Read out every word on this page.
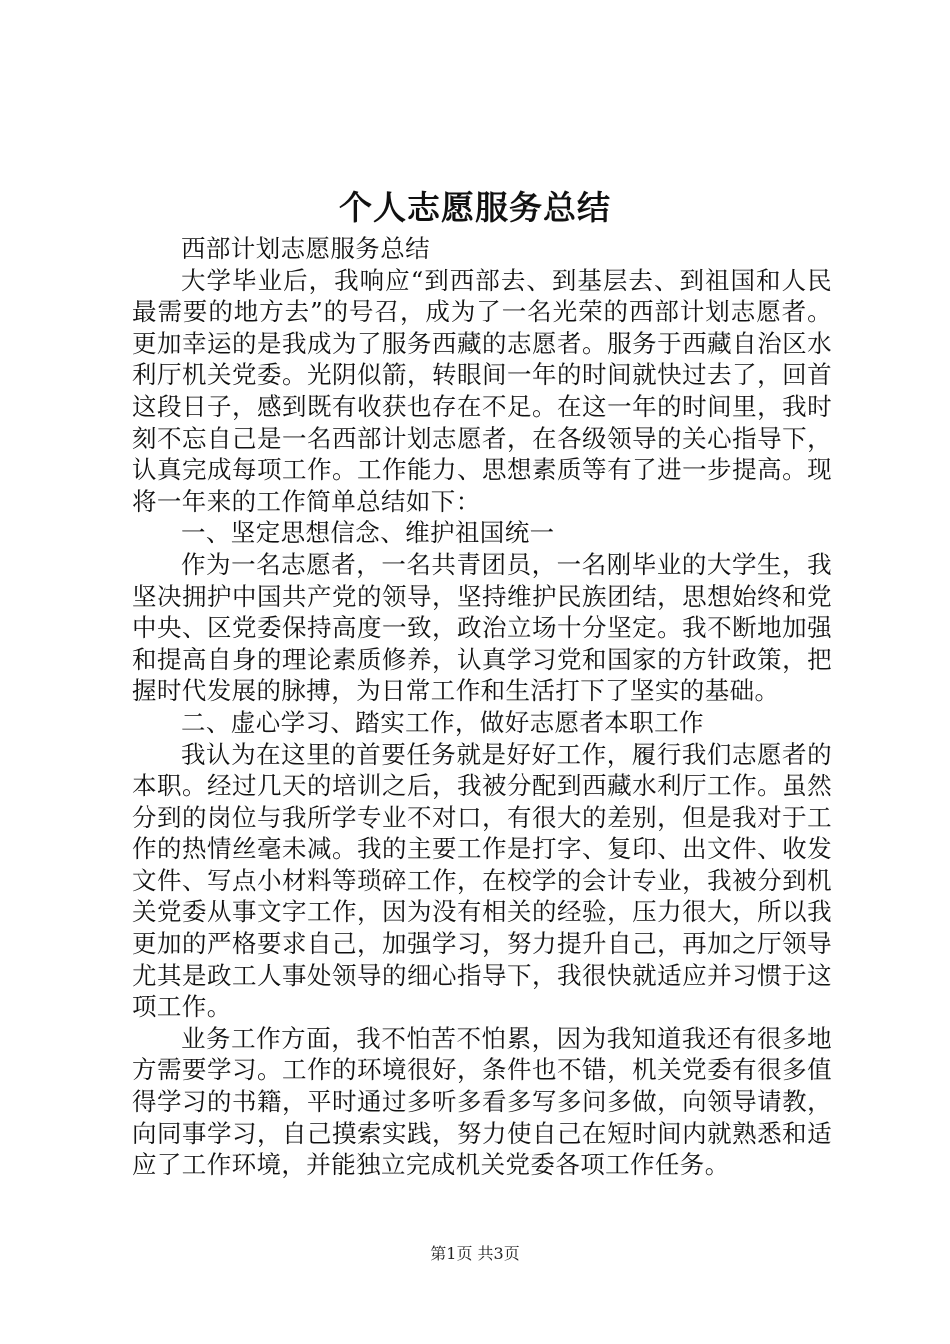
个人志愿服务总结

西部计划志愿服务总结

大学毕业后，我响应“到西部去、到基层去、到祖国和人民最需要的地方去”的号召，成为了一名光荣的西部计划志愿者。更加幸运的是我成为了服务西藏的志愿者。服务于西藏自治区水利厅机关党委。光阴似箭，转眼间一年的时间就快过去了，回首这段日子，感到既有收获也存在不足。在这一年的时间里，我时刻不忘自己是一名西部计划志愿者，在各级领导的关心指导下，认真完成每项工作。工作能力、思想素质等有了进一步提高。现将一年来的工作简单总结如下：

一、坚定思想信念、维护祖国统一

作为一名志愿者，一名共青团员，一名刚毕业的大学生，我坚决拥护中国共产党的领导，坚持维护民族团结，思想始终和党中央、区党委保持高度一致，政治立场十分坚定。我不断地加强和提高自身的理论素质修养，认真学习党和国家的方针政策，把握时代发展的脉搏，为日常工作和生活打下了坚实的基础。

二、虚心学习、踏实工作，做好志愿者本职工作

我认为在这里的首要任务就是好好工作，履行我们志愿者的本职。经过几天的培训之后，我被分配到西藏水利厅工作。虽然分到的岗位与我所学专业不对口，有很大的差别，但是我对于工作的热情丝毫未减。我的主要工作是打字、复印、出文件、收发文件、写点小材料等琐碎工作，在校学的会计专业，我被分到机关党委从事文字工作，因为没有相关的经验，压力很大，所以我更加的严格要求自己，加强学习，努力提升自己，再加之厅领导尤其是政工人事处领导的细心指导下，我很快就适应并习惯于这项工作。

业务工作方面，我不怕苦不怕累，因为我知道我还有很多地方需要学习。工作的环境很好，条件也不错，机关党委有很多值得学习的书籍，平时通过多听多看多写多问多做，向领导请教，向同事学习，自己摸索实践，努力使自己在短时间内就熟悉和适应了工作环境，并能独立完成机关党委各项工作任务。

第1页 共3页
